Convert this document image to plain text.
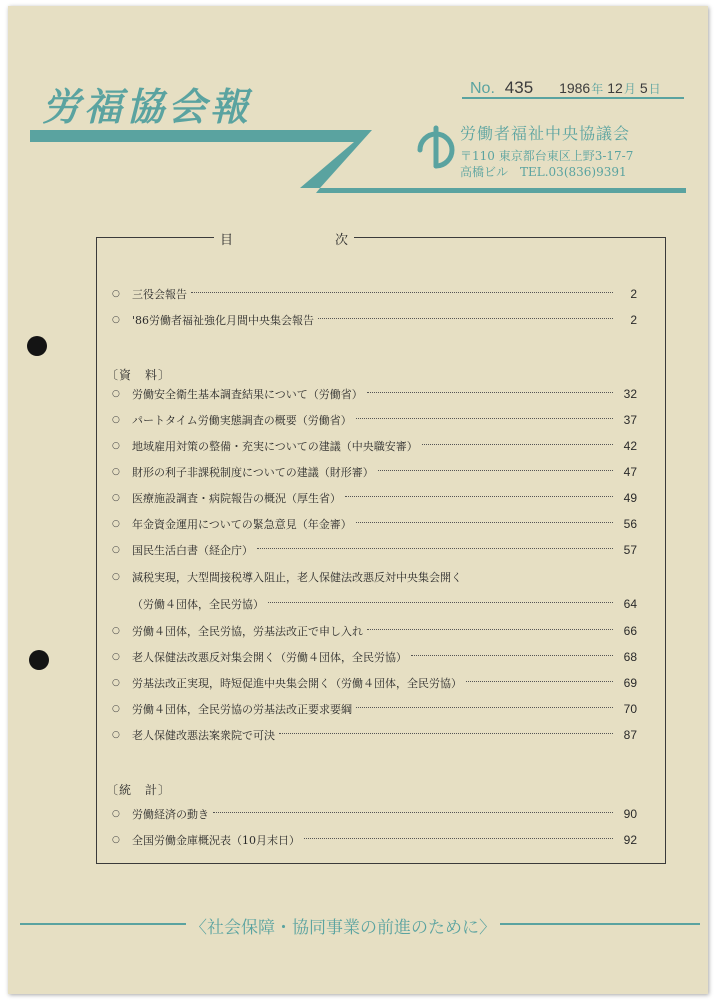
労福協会報	No. 435 1986年 12月 5日
労働者福祉中央協議会
〒110 東京都台東区上野3-17-7
高橋ビル　TEL.03(836)9391
目	次
○	三役会報告	2
○	'86労働者福祉強化月間中央集会報告	2
〔資　料〕
○	労働安全衛生基本調査結果について（労働省）	32
○	パートタイム労働実態調査の概要（労働省）	37
○	地域雇用対策の整備・充実についての建議（中央職安審）	42
○	財形の利子非課税制度についての建議（財形審）	47
○	医療施設調査・病院報告の概況（厚生省）	49
○	年金資金運用についての緊急意見（年金審）	56
○	国民生活白書（経企庁）	57
○	減税実現，大型間接税導入阻止，老人保健法改悪反対中央集会開く
（労働４団体，全民労協）	64
○	労働４団体，全民労協，労基法改正で申し入れ	66
○	老人保健法改悪反対集会開く（労働４団体，全民労協）	68
○	労基法改正実現，時短促進中央集会開く（労働４団体，全民労協）	69
○	労働４団体，全民労協の労基法改正要求要綱	70
○	老人保健改悪法案衆院で可決	87
〔統　計〕
○	労働経済の動き	90
○	全国労働金庫概況表（10月末日）	92
〈社会保障・協同事業の前進のために〉
